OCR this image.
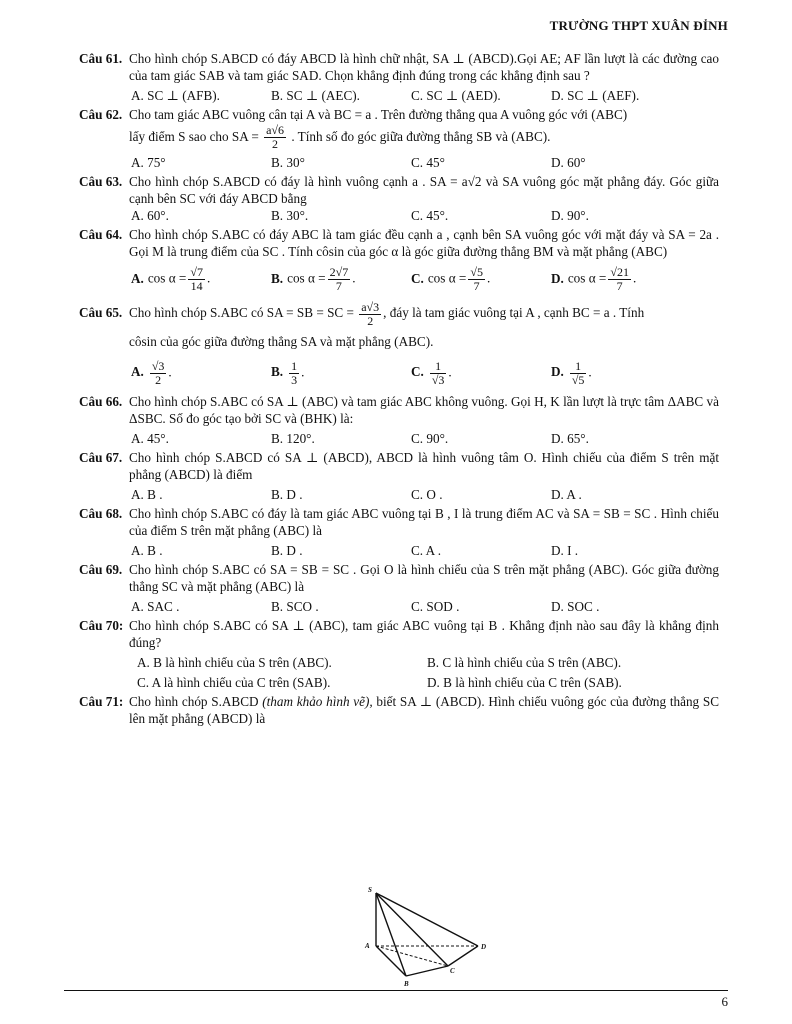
TRƯỜNG THPT XUÂN ĐỈNH
Câu 61. Cho hình chóp S.ABCD có đáy ABCD là hình chữ nhật, SA ⊥ (ABCD).Gọi AE; AF lần lượt là các đường cao của tam giác SAB và tam giác SAD. Chọn khẳng định đúng trong các khẳng định sau ?
A. SC ⊥ (AFB).	B. SC ⊥ (AEC).	C. SC ⊥ (AED).	D. SC ⊥ (AEF).
Câu 62. Cho tam giác ABC vuông cân tại A và BC = a . Trên đường thẳng qua A vuông góc với (ABC)
lấy điểm S sao cho SA = $\frac{a√6}{2}$ . Tính số đo góc giữa đường thẳng SB và (ABC).
A. 75°	B. 30°	C. 45°	D. 60°
Câu 63. Cho hình chóp S.ABCD có đáy là hình vuông cạnh a . SA = a√2 và SA vuông góc mặt phẳng đáy. Góc giữa cạnh bên SC với đáy ABCD bằng
A. 60°.	B. 30°.	C. 45°.	D. 90°.
Câu 64. Cho hình chóp S.ABC có đáy ABC là tam giác đều cạnh a , cạnh bên SA vuông góc với mặt đáy và SA = 2a . Gọi M là trung điểm của SC . Tính côsin của góc α là góc giữa đường thẳng BM và mặt phẳng (ABC)
A. $\cos \alpha = \frac{√7}{14}$ .	B. $\cos \alpha = \frac{2√7}{7}$ .	C. $\cos \alpha = \frac{√5}{7}$ .	D. $\cos \alpha = \frac{√21}{7}$ .
Câu 65. Cho hình chóp S.ABC có SA = SB = SC = $\frac{a√3}{2}$ , đáy là tam giác vuông tại A , cạnh BC = a . Tính
côsin của góc giữa đường thẳng SA và mặt phẳng (ABC).
A. $\frac{√3}{2}$ .	B. $\frac{1}{3}$ .	C. $\frac{1}{√3}$ .	D. $\frac{1}{√5}$ .
Câu 66. Cho hình chóp S.ABC có SA ⊥ (ABC) và tam giác ABC không vuông. Gọi H, K lần lượt là trực tâm ΔABC và ΔSBC. Số đo góc tạo bởi SC và (BHK) là:
A. 45°.	B. 120°.	C. 90°.	D. 65°.
Câu 67. Cho hình chóp S.ABCD có SA ⊥ (ABCD), ABCD là hình vuông tâm O. Hình chiếu của điểm S trên mặt phẳng (ABCD) là điểm
A. B .	B. D .	C. O .	D. A .
Câu 68. Cho hình chóp S.ABC có đáy là tam giác ABC vuông tại B , I là trung điểm AC và SA = SB = SC . Hình chiếu của điểm S trên mặt phẳng (ABC) là
A. B .	B. D .	C. A .	D. I .
Câu 69. Cho hình chóp S.ABC có SA = SB = SC . Gọi O là hình chiếu của S trên mặt phẳng (ABC). Góc giữa đường thẳng SC và mặt phẳng (ABC) là
A. SAC .	B. SCO .	C. SOD .	D. SOC .
Câu 70: Cho hình chóp S.ABC có SA ⊥ (ABC), tam giác ABC vuông tại B . Khẳng định nào sau đây là khẳng định đúng?
A. B là hình chiếu của S trên (ABC).	B. C là hình chiếu của S trên (ABC).
C. A là hình chiếu của C trên (SAB).	D. B là hình chiếu của C trên (SAB).
Câu 71: Cho hình chóp S.ABCD (tham khảo hình vẽ), biết SA ⊥ (ABCD). Hình chiếu vuông góc của đường thẳng SC lên mặt phẳng (ABCD) là
S
A	D
C
B
6
